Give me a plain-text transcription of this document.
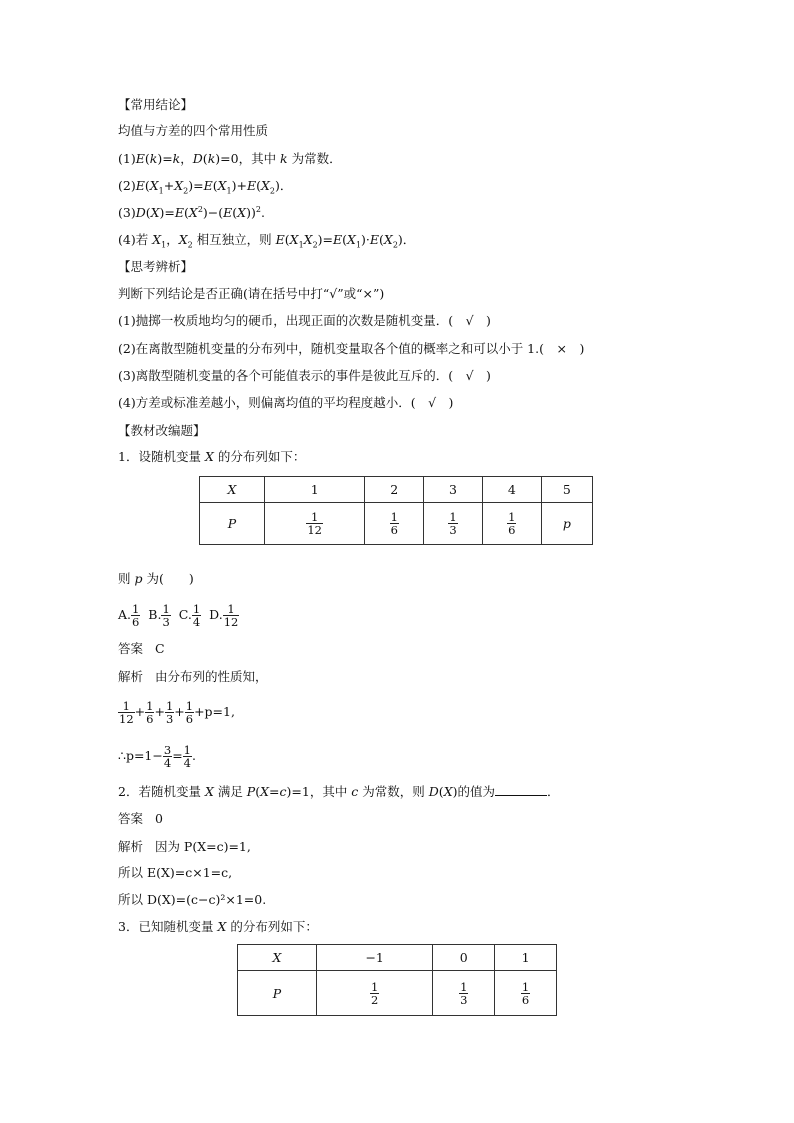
【常用结论】
均值与方差的四个常用性质
(1)E(k)=k，D(k)=0，其中 k 为常数．
$(2)E(X_1+X_2)=E(X_1)+E(X_2)$．
$(3)D(X)=E(X^2)-(E(X))^2$.
(4)若 $X_1$，$X_2$ 相互独立，则 $E(X_1X_2)=E(X_1)\cdot E(X_2)$．
【思考辨析】
判断下列结论是否正确(请在括号中打“√”或“×”)
(1)抛掷一枚质地均匀的硬币，出现正面的次数是随机变量．(　√　)
(2)在离散型随机变量的分布列中，随机变量取各个值的概率之和可以小于 1.(　×　)
(3)离散型随机变量的各个可能值表示的事件是彼此互斥的．(　√　)
(4)方差或标准差越小，则偏离均值的平均程度越小．(　√　)
【教材改编题】
1．设随机变量 X 的分布列如下：
X	1	2	3	4	5
P	$\frac{1}{12}$	$\frac{1}{6}$	$\frac{1}{3}$	$\frac{1}{6}$	p
则 p 为(　　)
A. $\frac{1}{6} B$. $\frac{1}{3} C$. $\frac{1}{4} D$. $\frac{1}{12}$
答案 C
解析 由分布列的性质知，
$\frac{1}{12} + \frac{1}{6} + \frac{1}{3} + \frac{1}{6} +p=1$,
∴p=1− $\frac{3}{4} = \frac{1}{4}$ .
2．若随机变量 X 满足 P(X=c)=1，其中 c 为常数，则 D(X)的值为	．
答案 0
解析 因为 P(X=c)=1,
所以 E(X)=c×1=c,
所以 D(X)=(c−c)²×1=0.
3．已知随机变量 X 的分布列如下：
X	−1	0	1
P	$\frac{1}{2}$	$\frac{1}{3}$	$\frac{1}{6}$
